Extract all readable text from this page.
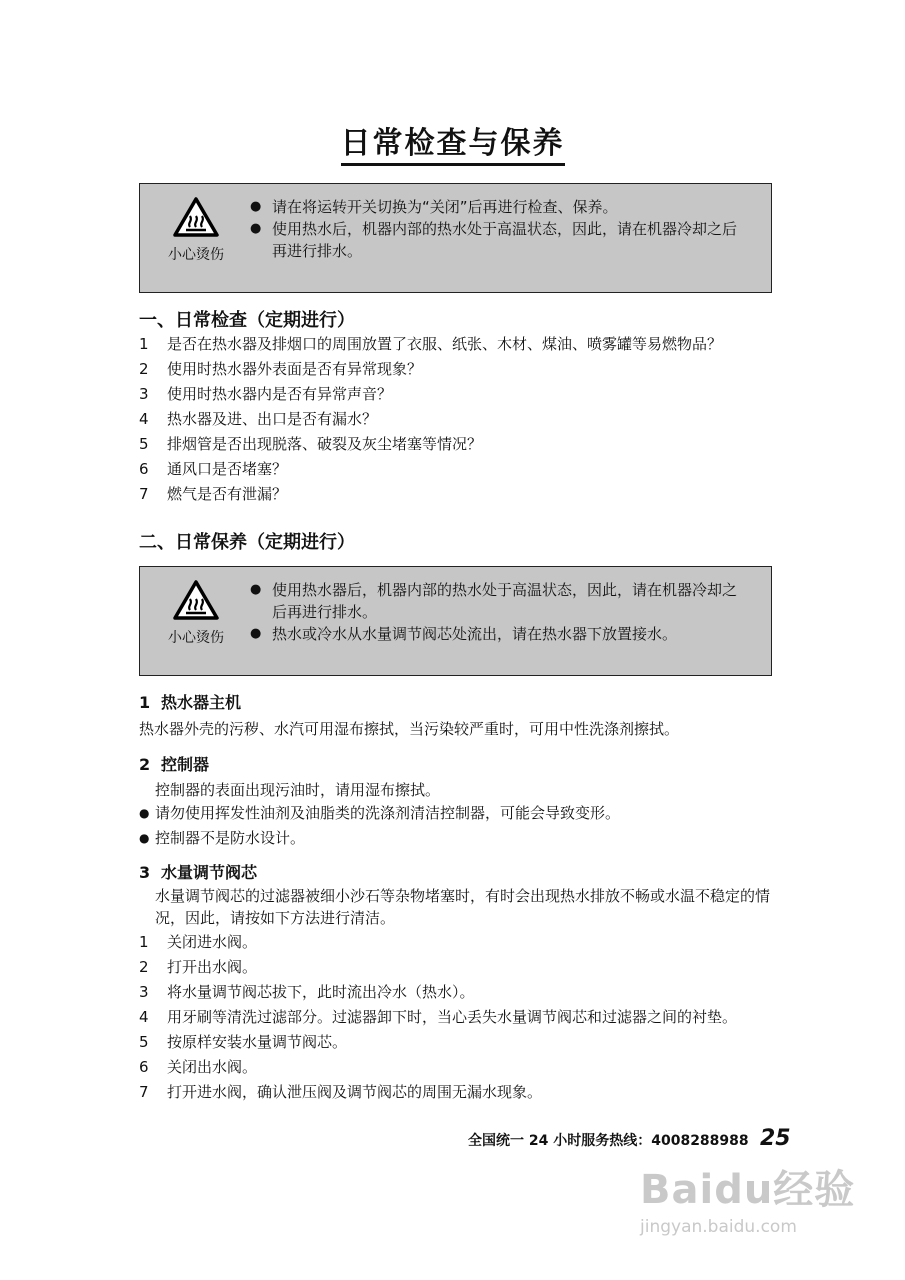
日常检查与保养
小心烫伤
● 请在将运转开关切换为“关闭”后再进行检查、保养。
● 使用热水后，机器内部的热水处于高温状态，因此，请在机器冷却之后再进行排水。
一、日常检查（定期进行）
1 是否在热水器及排烟口的周围放置了衣服、纸张、木材、煤油、喷雾罐等易燃物品？
2 使用时热水器外表面是否有异常现象？
3 使用时热水器内是否有异常声音？
4 热水器及进、出口是否有漏水？
5 排烟管是否出现脱落、破裂及灰尘堵塞等情况？
6 通风口是否堵塞？
7 燃气是否有泄漏？
二、日常保养（定期进行）
小心烫伤
● 使用热水器后，机器内部的热水处于高温状态，因此，请在机器冷却之后再进行排水。
● 热水或冷水从水量调节阀芯处流出，请在热水器下放置接水。
1 热水器主机
热水器外壳的污秽、水汽可用湿布擦拭，当污染较严重时，可用中性洗涤剂擦拭。
2 控制器
控制器的表面出现污油时，请用湿布擦拭。
● 请勿使用挥发性油剂及油脂类的洗涤剂清洁控制器，可能会导致变形。
● 控制器不是防水设计。
3 水量调节阀芯
水量调节阀芯的过滤器被细小沙石等杂物堵塞时，有时会出现热水排放不畅或水温不稳定的情况，因此，请按如下方法进行清洁。
1 关闭进水阀。
2 打开出水阀。
3 将水量调节阀芯拔下，此时流出冷水（热水）。
4 用牙刷等清洗过滤部分。过滤器卸下时，当心丢失水量调节阀芯和过滤器之间的衬垫。
5 按原样安装水量调节阀芯。
6 关闭出水阀。
7 打开进水阀，确认泄压阀及调节阀芯的周围无漏水现象。
全国统一 24 小时服务热线：4008288988 25
Baidu经验
jingyan.baidu.com
